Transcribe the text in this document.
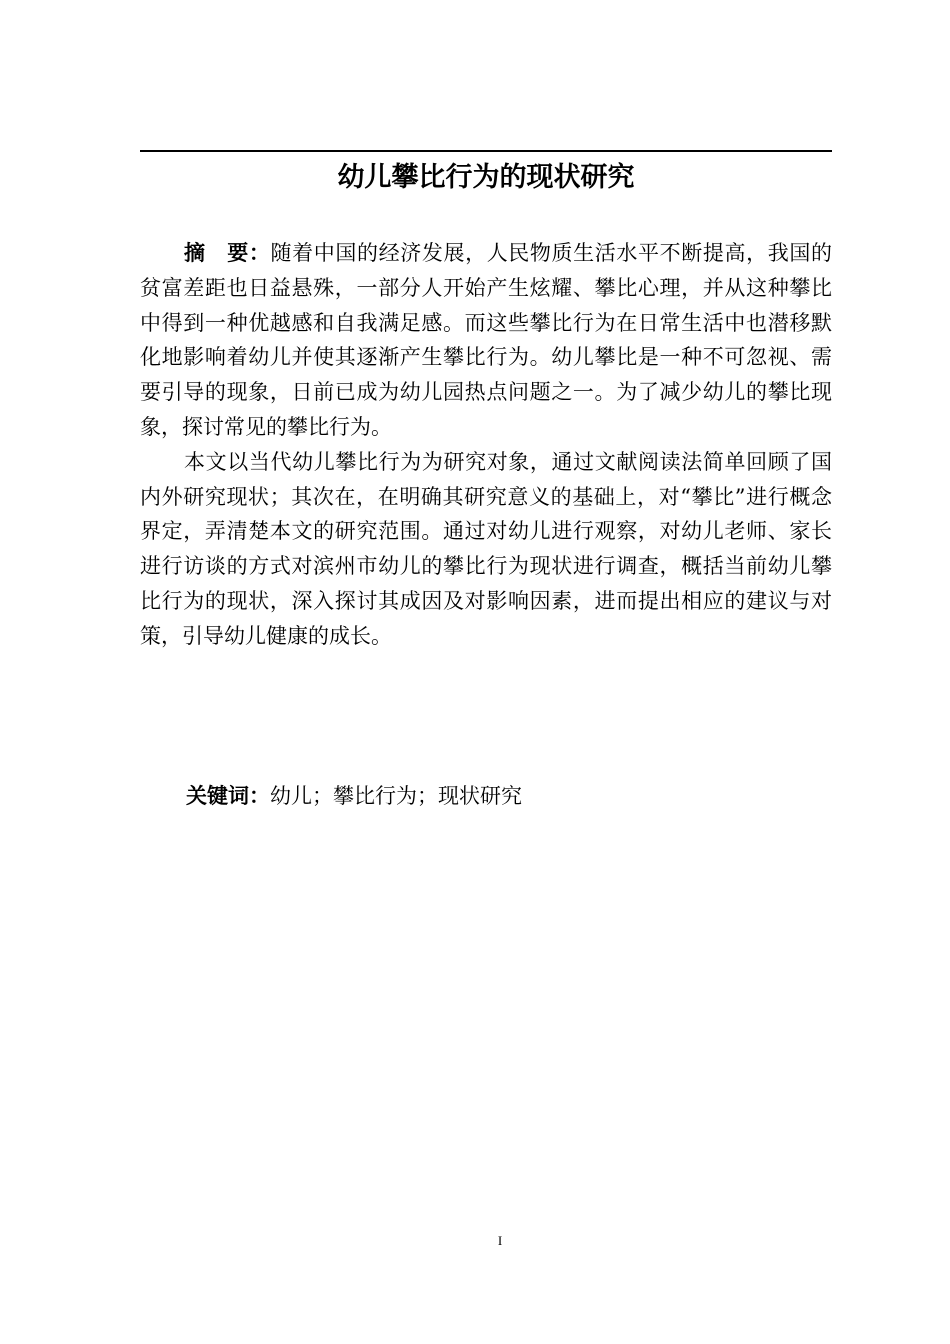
幼儿攀比行为的现状研究

摘　要：随着中国的经济发展，人民物质生活水平不断提高，我国的贫富差距也日益悬殊，一部分人开始产生炫耀、攀比心理，并从这种攀比中得到一种优越感和自我满足感。而这些攀比行为在日常生活中也潜移默化地影响着幼儿并使其逐渐产生攀比行为。幼儿攀比是一种不可忽视、需要引导的现象，日前已成为幼儿园热点问题之一。为了减少幼儿的攀比现象，探讨常见的攀比行为。

本文以当代幼儿攀比行为为研究对象，通过文献阅读法简单回顾了国内外研究现状；其次在，在明确其研究意义的基础上，对“攀比”进行概念界定，弄清楚本文的研究范围。通过对幼儿进行观察，对幼儿老师、家长进行访谈的方式对滨州市幼儿的攀比行为现状进行调查，概括当前幼儿攀比行为的现状，深入探讨其成因及对影响因素，进而提出相应的建议与对策，引导幼儿健康的成长。

关键词：幼儿；攀比行为；现状研究
I
